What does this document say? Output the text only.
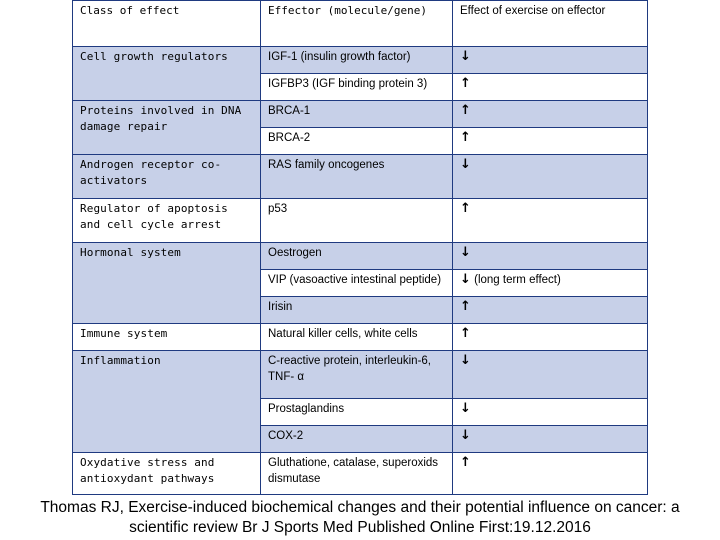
Class of effect	Effector (molecule/gene)	Effect of exercise on effector
Cell growth regulators	IGF-1 (insulin growth factor)	↓
	IGFBP3 (IGF binding protein 3)	↑
Proteins involved in DNA damage repair	BRCA-1	↑
	BRCA-2	↑
Androgen receptor co-activators	RAS family oncogenes	↓
Regulator of apoptosis and cell cycle arrest	p53	↑
Hormonal system	Oestrogen	↓
	VIP (vasoactive intestinal peptide)	↓ (long term effect)
	Irisin	↑
Immune system	Natural killer cells, white cells	↑
Inflammation	C-reactive protein, interleukin-6, TNF- α	↓
	Prostaglandins	↓
	COX-2	↓
Oxydative stress and antioxydant pathways	Gluthatione, catalase, superoxids dismutase	↑
Thomas RJ, Exercise-induced biochemical changes and their potential influence on cancer: a
scientific review Br J Sports Med Published Online First:19.12.2016
